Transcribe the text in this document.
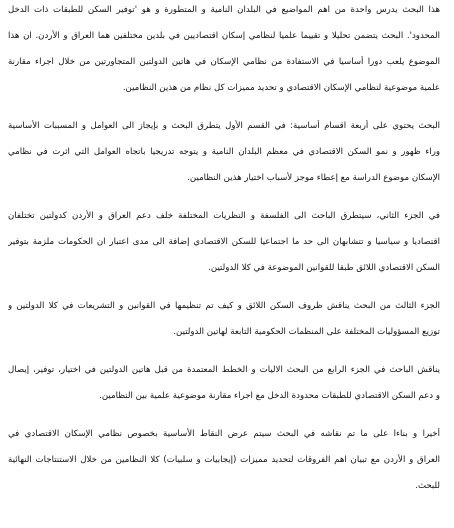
هذا البحث يدرس واحدة من اهم المواضيع في البلدان النامية و المتطورة و هو 'توفير السكن للطبقات ذات الدخل
المحدود'. البحث يتضمن تحليلا و تقييما علميا لنظامي إسكان اقتصاديين في بلدين مختلفين هما العراق و الأردن. ان هذا
الموضوع يلعب دورا أساسيا في الاستفادة من نظامي الإسكان في هاتين الدولتين المتجاورتين من خلال اجراء مقارنة
علمية موضوعية لنظامي الإسكان الاقتصادي و تحديد مميزات كل نظام من هذين النظامين.

البحث يحتوي على أربعة اقسام أساسية: في القسم الأول يتطرق البحث و بإيجاز الى العوامل و المسببات الأساسية
وراء ظهور و نمو السكن الاقتصادي في معظم البلدان النامية و يتوجه تدريجيا باتجاه العوامل التي اثرت في نظامي
الإسكان موضوع الدراسة مع إعطاء موجز لأسباب اختيار هذين النظامين.

في الجزء الثاني، سيتطرق الباحث الى الفلسفة و النظريات المختلفة خلف دعم العراق و الأردن كدولتين تختلفان
اقتصاديا و سياسيا و تتشابهان الى حد ما اجتماعيا للسكن الاقتصادي إضافة الى مدى اعتبار ان الحكومات ملزمة بتوفير
السكن الاقتصادي اللائق طبقا للقوانين الموضوعة في كلا الدولتين.

الجزء الثالث من البحث يناقش ظروف السكن اللائق و كيف تم تنظيمها في القوانين و التشريعات في كلا الدولتين و
توزيع المسؤوليات المختلفة على المنظمات الحكومية التابعة لهاتين الدولتين.

يناقش الباحث في الجزء الرابع من البحث الاليات و الخطط المعتمدة من قبل هاتين الدولتين في اختيار، توفير، إيصال
و دعم السكن الاقتصادي للطبقات محدودة الدخل مع اجراء مقارنة موضوعية علمية بين النظامين.

أخيرا و بناءا على ما تم نقاشه في البحث سيتم عرض النقاط الأساسية بخصوص نظامي الإسكان الاقتصادي في
العراق و الأردن مع تبيان اهم الفروقات لتحديد مميزات (إيجابيات و سلبيات) كلا النظامين من خلال الاستنتاجات النهائية
للبحث.
